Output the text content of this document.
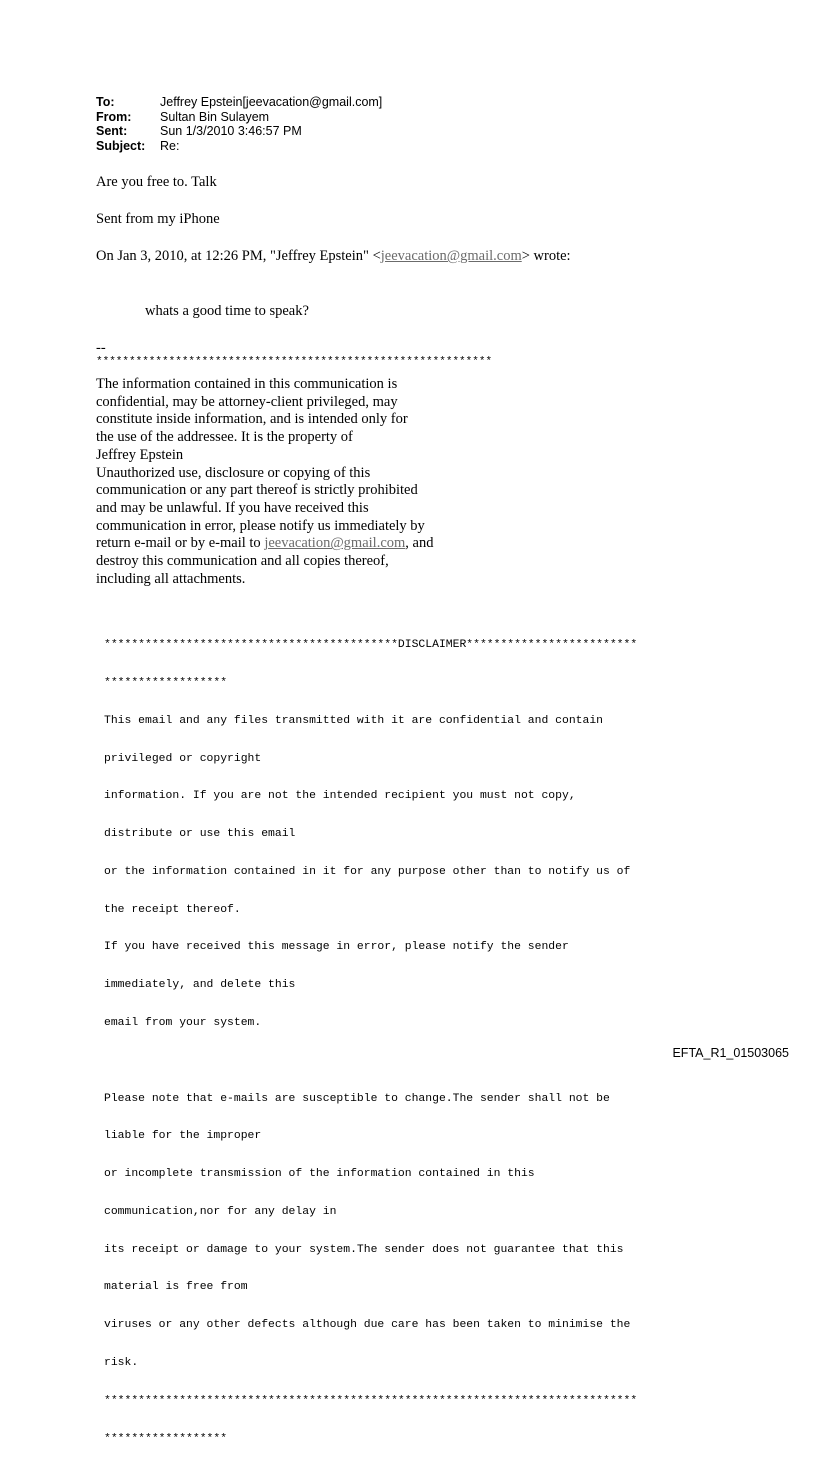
To:	Jeffrey Epstein[jeevacation@gmail.com]
From:	Sultan Bin Sulayem
Sent:	Sun 1/3/2010 3:46:57 PM
Subject:	Re:
Are you free to. Talk
Sent from my iPhone
On Jan 3, 2010, at 12:26 PM, "Jeffrey Epstein" <jeevacation@gmail.com> wrote:
whats a good time to speak?
--
************************************************************
The information contained in this communication is
confidential, may be attorney-client privileged, may
constitute inside information, and is intended only for
the use of the addressee. It is the property of
Jeffrey Epstein
Unauthorized use, disclosure or copying of this
communication or any part thereof is strictly prohibited
and may be unlawful. If you have received this
communication in error, please notify us immediately by
return e-mail or by e-mail to jeevacation@gmail.com, and
destroy this communication and all copies thereof,
including all attachments.

*******************************************DISCLAIMER*************************

******************

This email and any files transmitted with it are confidential and contain

privileged or copyright

information. If you are not the intended recipient you must not copy,

distribute or use this email

or the information contained in it for any purpose other than to notify us of

the receipt thereof.

If you have received this message in error, please notify the sender

immediately, and delete this

email from your system.

Please note that e-mails are susceptible to change.The sender shall not be

liable for the improper

or incomplete transmission of the information contained in this

communication,nor for any delay in

its receipt or damage to your system.The sender does not guarantee that this

material is free from

viruses or any other defects although due care has been taken to minimise the

risk.

******************************************************************************

******************

EFTA_R1_01503065
